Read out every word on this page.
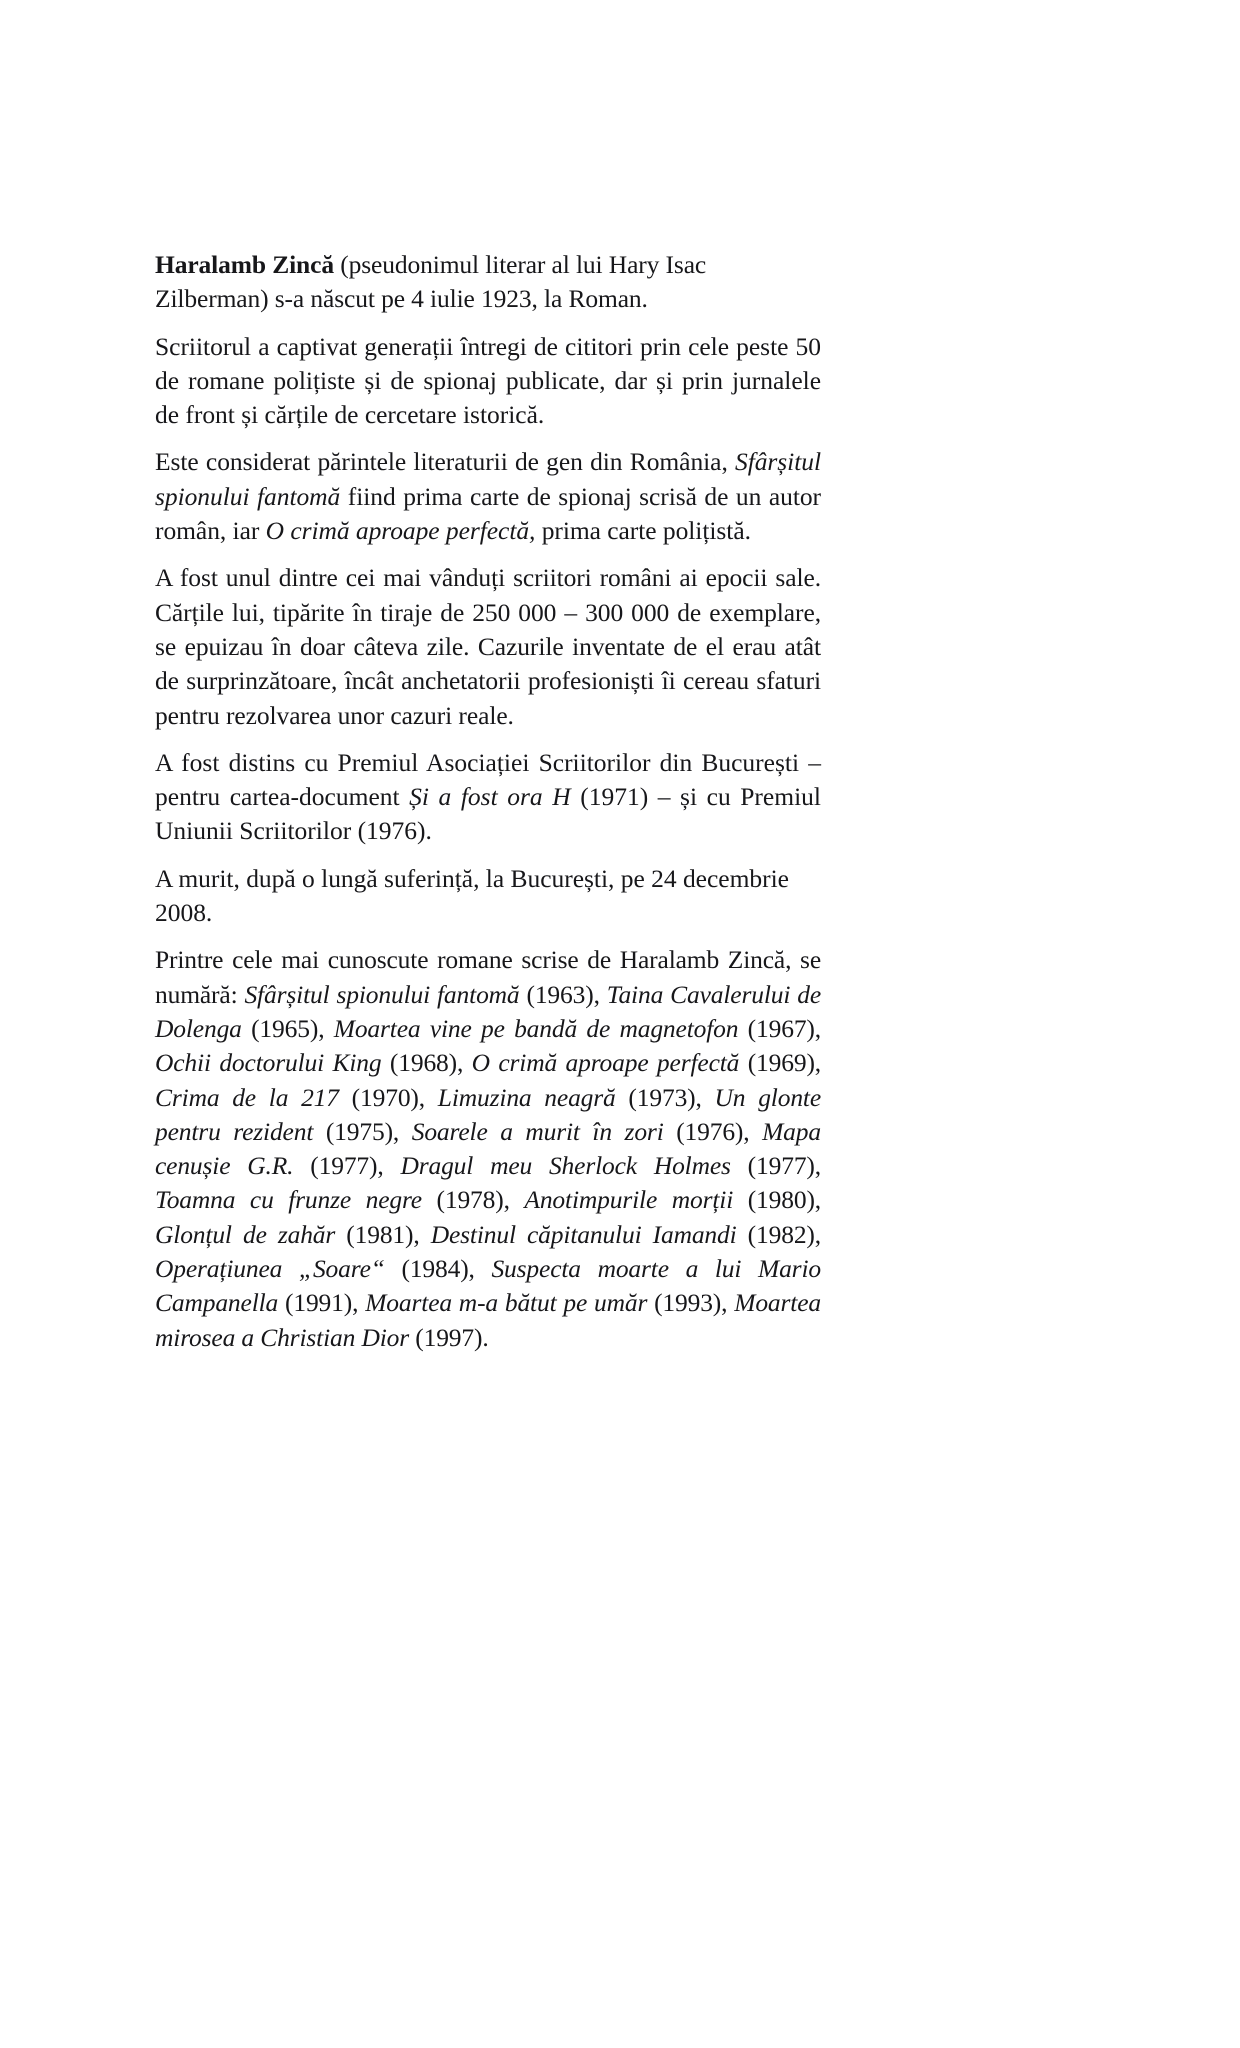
Haralamb Zincă (pseudonimul literar al lui Hary Isac Zilberman) s-a născut pe 4 iulie 1923, la Roman.

Scriitorul a captivat generații întregi de cititori prin cele peste 50 de romane polițiste și de spionaj publicate, dar și prin jurnalele de front și cărțile de cercetare istorică.

Este considerat părintele literaturii de gen din România, Sfârșitul spionului fantomă fiind prima carte de spionaj scrisă de un autor român, iar O crimă aproape perfectă, prima carte polițistă.

A fost unul dintre cei mai vânduți scriitori români ai epocii sale. Cărțile lui, tipărite în tiraje de 250 000 – 300 000 de exemplare, se epuizau în doar câteva zile. Cazurile inventate de el erau atât de surprinzătoare, încât anchetatorii profesioniști îi cereau sfaturi pentru rezolvarea unor cazuri reale.

A fost distins cu Premiul Asociației Scriitorilor din București – pentru cartea-document Și a fost ora H (1971) – și cu Premiul Uniunii Scriitorilor (1976).

A murit, după o lungă suferință, la București, pe 24 decembrie 2008.

Printre cele mai cunoscute romane scrise de Haralamb Zincă, se numără: Sfârșitul spionului fantomă (1963), Taina Cavalerului de Dolenga (1965), Moartea vine pe bandă de magnetofon (1967), Ochii doctorului King (1968), O crimă aproape perfectă (1969), Crima de la 217 (1970), Limuzina neagră (1973), Un glonte pentru rezident (1975), Soarele a murit în zori (1976), Mapa cenușie G.R. (1977), Dragul meu Sherlock Holmes (1977), Toamna cu frunze negre (1978), Anotimpurile morții (1980), Glonțul de zahăr (1981), Destinul căpitanului Iamandi (1982), Operațiunea „Soare“ (1984), Suspecta moarte a lui Mario Campanella (1991), Moartea m-a bătut pe umăr (1993), Moartea mirosea a Christian Dior (1997).
